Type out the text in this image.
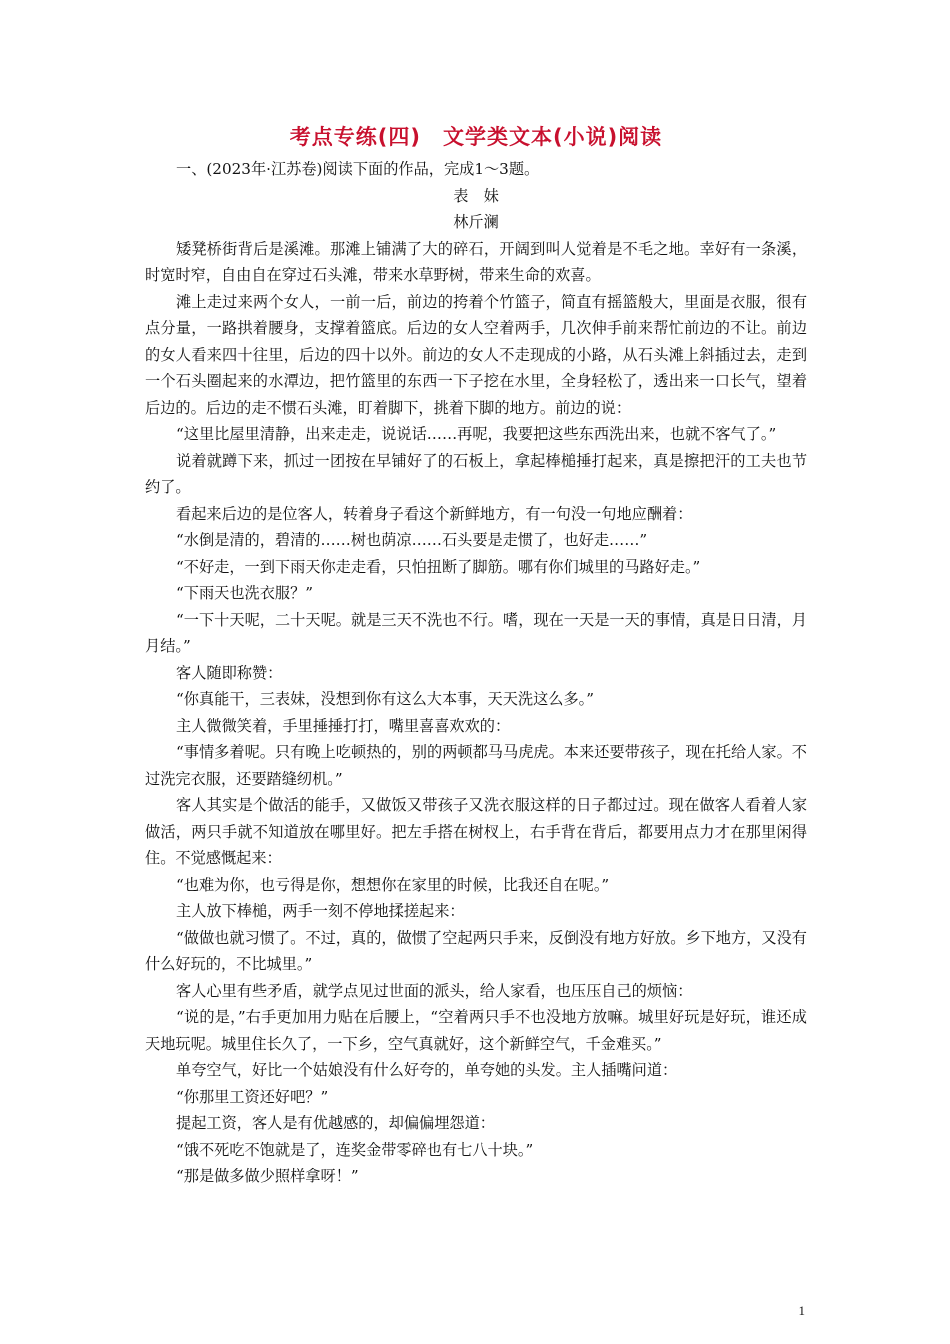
考点专练(四)　文学类文本(小说)阅读

一、(2023年·江苏卷)阅读下面的作品，完成1～3题。

表　妹

林斤澜

矮凳桥街背后是溪滩。那滩上铺满了大的碎石，开阔到叫人觉着是不毛之地。幸好有一条溪，时宽时窄，自由自在穿过石头滩，带来水草野树，带来生命的欢喜。

滩上走过来两个女人，一前一后，前边的挎着个竹篮子，简直有摇篮般大，里面是衣服，很有点分量，一路拱着腰身，支撑着篮底。后边的女人空着两手，几次伸手前来帮忙前边的不让。前边的女人看来四十往里，后边的四十以外。前边的女人不走现成的小路，从石头滩上斜插过去，走到一个石头圈起来的水潭边，把竹篮里的东西一下子挖在水里，全身轻松了，透出来一口长气，望着后边的。后边的走不惯石头滩，盯着脚下，挑着下脚的地方。前边的说：

“这里比屋里清静，出来走走，说说话……再呢，我要把这些东西洗出来，也就不客气了。”

说着就蹲下来，抓过一团按在早铺好了的石板上，拿起棒槌捶打起来，真是擦把汗的工夫也节约了。

看起来后边的是位客人，转着身子看这个新鲜地方，有一句没一句地应酬着：

“水倒是清的，碧清的……树也荫凉……石头要是走惯了，也好走……”

“不好走，一到下雨天你走走看，只怕扭断了脚筋。哪有你们城里的马路好走。”

“下雨天也洗衣服？”

“一下十天呢，二十天呢。就是三天不洗也不行。嗜，现在一天是一天的事情，真是日日清，月月结。”

客人随即称赞：

“你真能干，三表妹，没想到你有这么大本事，天天洗这么多。”

主人微微笑着，手里捶捶打打，嘴里喜喜欢欢的：

“事情多着呢。只有晚上吃顿热的，别的两顿都马马虎虎。本来还要带孩子，现在托给人家。不过洗完衣服，还要踏缝纫机。”

客人其实是个做活的能手，又做饭又带孩子又洗衣服这样的日子都过过。现在做客人看着人家做活，两只手就不知道放在哪里好。把左手搭在树杈上，右手背在背后，都要用点力才在那里闲得住。不觉感慨起来：

“也难为你，也亏得是你，想想你在家里的时候，比我还自在呢。”

主人放下棒槌，两手一刻不停地揉搓起来：

“做做也就习惯了。不过，真的，做惯了空起两只手来，反倒没有地方好放。乡下地方，又没有什么好玩的，不比城里。”

客人心里有些矛盾，就学点见过世面的派头，给人家看，也压压自己的烦恼：

“说的是，”右手更加用力贴在后腰上，“空着两只手不也没地方放嘛。城里好玩是好玩，谁还成天地玩呢。城里住长久了，一下乡，空气真就好，这个新鲜空气，千金难买。”

单夸空气，好比一个姑娘没有什么好夸的，单夸她的头发。主人插嘴问道：

“你那里工资还好吧？”

提起工资，客人是有优越感的，却偏偏埋怨道：

“饿不死吃不饱就是了，连奖金带零碎也有七八十块。”

“那是做多做少照样拿呀！”

1
